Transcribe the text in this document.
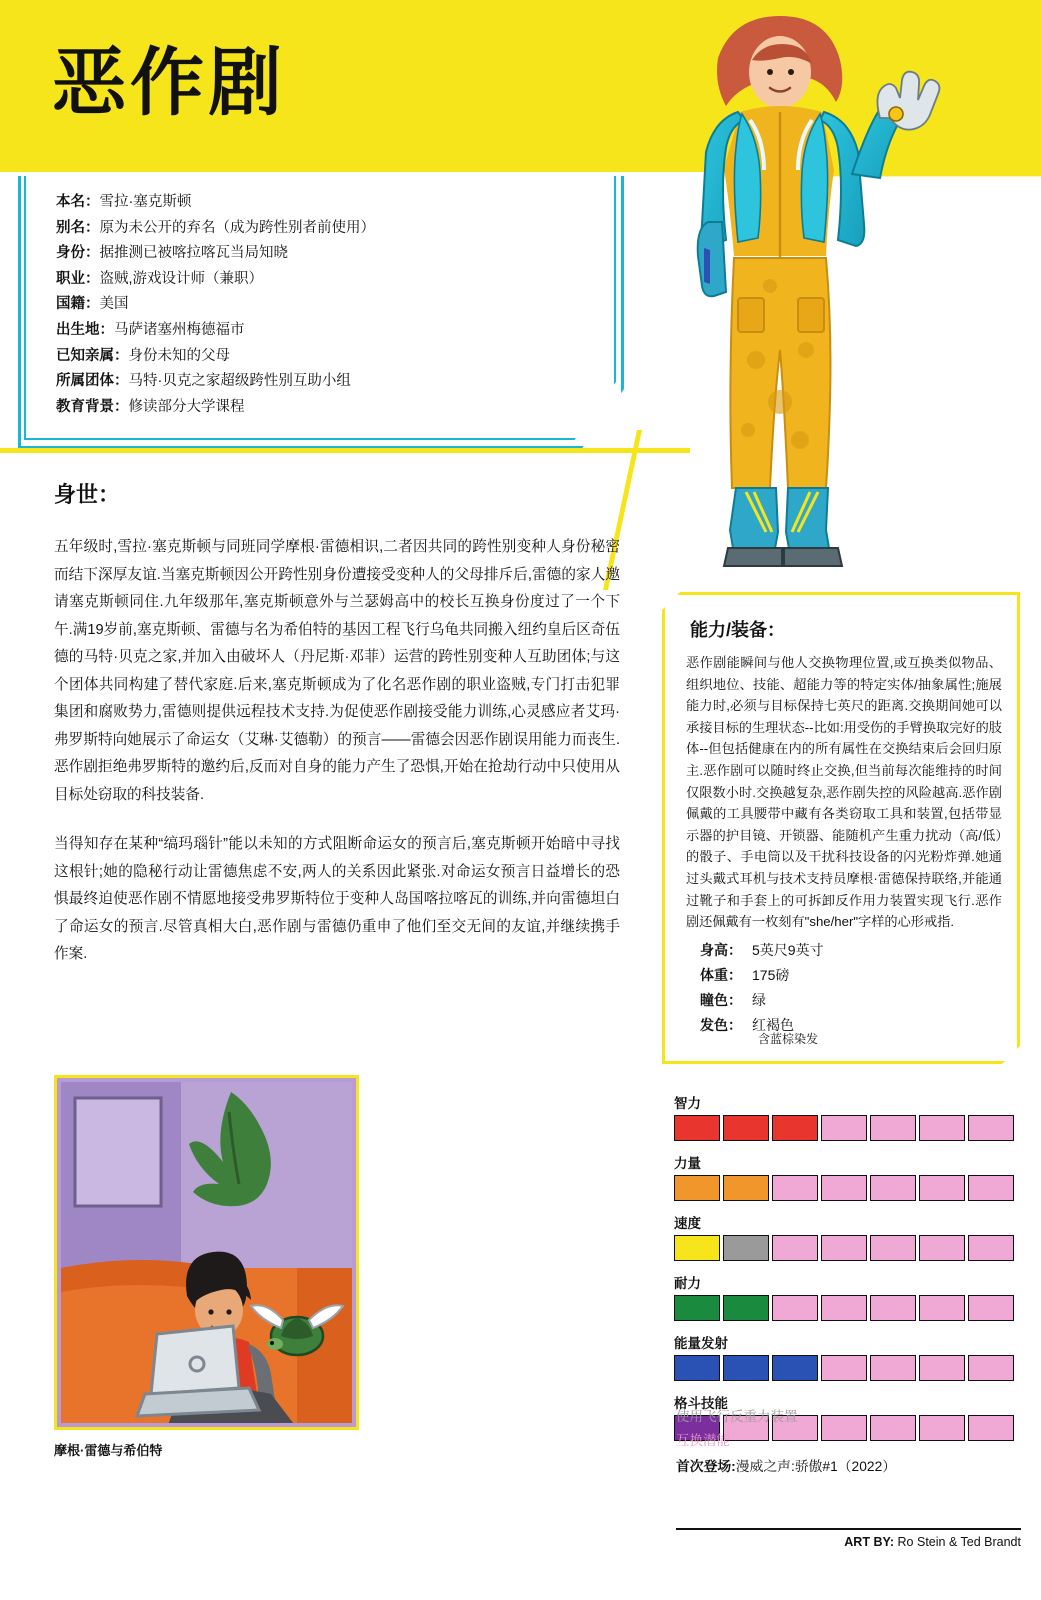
恶作剧
本名：雪拉·塞克斯顿
别名：原为未公开的弃名（成为跨性别者前使用）
身份：据推测已被喀拉喀瓦当局知晓
职业：盗贼,游戏设计师（兼职）
国籍：美国
出生地：马萨诸塞州梅德福市
已知亲属：身份未知的父母
所属团体：马特·贝克之家超级跨性别互助小组
教育背景：修读部分大学课程
身世：

五年级时,雪拉·塞克斯顿与同班同学摩根·雷德相识,二者因共同的跨性别变种人身份秘密而结下深厚友谊.当塞克斯顿因公开跨性别身份遭接受变种人的父母排斥后,雷德的家人邀请塞克斯顿同住.九年级那年,塞克斯顿意外与兰瑟姆高中的校长互换身份度过了一个下午.满19岁前,塞克斯顿、雷德与名为希伯特的基因工程飞行乌龟共同搬入纽约皇后区奇伍德的马特·贝克之家,并加入由破坏人（丹尼斯·邓菲）运营的跨性别变种人互助团体;与这个团体共同构建了替代家庭.后来,塞克斯顿成为了化名恶作剧的职业盗贼,专门打击犯罪集团和腐败势力,雷德则提供远程技术支持.为促使恶作剧接受能力训练,心灵感应者艾玛·弗罗斯特向她展示了命运女（艾琳·艾德勒）的预言——雷德会因恶作剧误用能力而丧生.恶作剧拒绝弗罗斯特的邀约后,反而对自身的能力产生了恐惧,开始在抢劫行动中只使用从目标处窃取的科技装备.

当得知存在某种“缟玛瑙针”能以未知的方式阻断命运女的预言后,塞克斯顿开始暗中寻找这根针;她的隐秘行动让雷德焦虑不安,两人的关系因此紧张.对命运女预言日益增长的恐惧最终迫使恶作剧不情愿地接受弗罗斯特位于变种人岛国喀拉喀瓦的训练,并向雷德坦白了命运女的预言.尽管真相大白,恶作剧与雷德仍重申了他们至交无间的友谊,并继续携手作案.

摩根·雷德与希伯特
能力/装备：
恶作剧能瞬间与他人交换物理位置,或互换类似物品、组织地位、技能、超能力等的特定实体/抽象属性;施展能力时,必须与目标保持七英尺的距离.交换期间她可以承接目标的生理状态--比如:用受伤的手臂换取完好的肢体--但包括健康在内的所有属性在交换结束后会回归原主.恶作剧可以随时终止交换,但当前每次能维持的时间仅限数小时.交换越复杂,恶作剧失控的风险越高.恶作剧佩戴的工具腰带中藏有各类窃取工具和装置,包括带显示器的护目镜、开锁器、能随机产生重力扰动（高/低）的骰子、手电筒以及干扰科技设备的闪光粉炸弹.她通过头戴式耳机与技术支持员摩根·雷德保持联络,并能通过靴子和手套上的可拆卸反作用力装置实现飞行.恶作剧还佩戴有一枚刻有"she/her"字样的心形戒指.
身高： 5英尺9英寸
体重： 175磅
瞳色： 绿
发色： 红褐色
含蓝棕染发
智力
力量
速度
耐力
能量发射
格斗技能
使用飞行反重力装置
互换潜能
首次登场:漫威之声:骄傲#1（2022）
ART BY: Ro Stein & Ted Brandt
